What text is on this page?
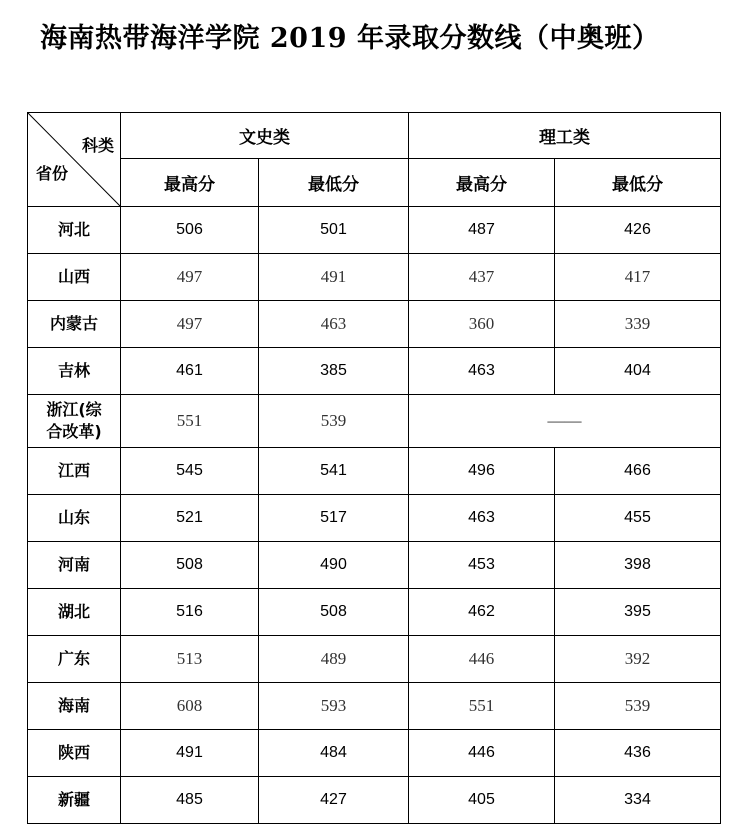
海南热带海洋学院 2019 年录取分数线（中奥班）
科类
省份	文史类		理工类	
	最高分	最低分	最高分	最低分
河北	506	501	487	426
山西	497	491	437	417
内蒙古	497	463	360	339
吉林	461	385	463	404

浙江(综
合改革)	551	539	——	
江西	545	541	496	466
山东	521	517	463	455
河南	508	490	453	398
湖北	516	508	462	395
广东	513	489	446	392
海南	608	593	551	539
陕西	491	484	446	436
新疆	485	427	405	334
